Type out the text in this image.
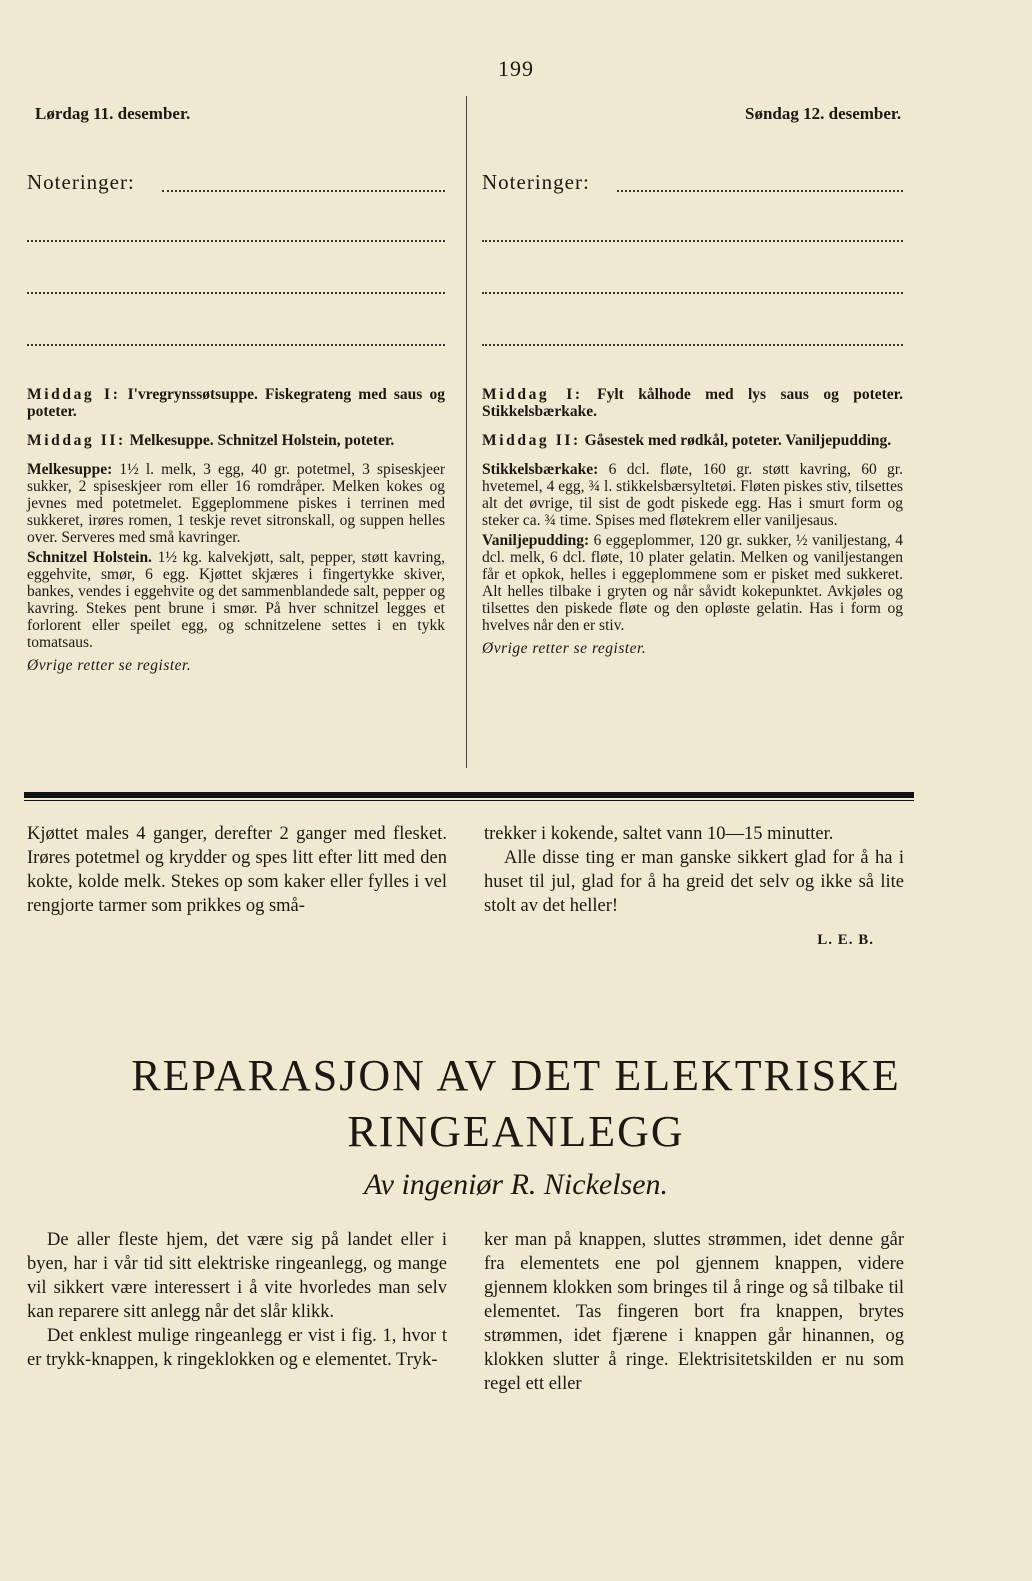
199
Lørdag 11. desember.
Noteringer:

Middag I: I'vregrynssøtsuppe. Fiskegrateng med saus og poteter.

Middag II: Melkesuppe. Schnitzel Holstein, poteter.

Melkesuppe: 1½ l. melk, 3 egg, 40 gr. potetmel, 3 spiseskjeer sukker, 2 spiseskjeer rom eller 16 romdråper. Melken kokes og jevnes med potetmelet. Eggeplommene piskes i terrinen med sukkeret, irøres romen, 1 teskje revet sitronskall, og suppen helles over. Serveres med små kavringer.

Schnitzel Holstein. 1½ kg. kalvekjøtt, salt, pepper, støtt kavring, eggehvite, smør, 6 egg. Kjøttet skjæres i fingertykke skiver, bankes, vendes i eggehvite og det sammenblandede salt, pepper og kavring. Stekes pent brune i smør. På hver schnitzel legges et forlorent eller speilet egg, og schnitzelene settes i en tykk tomatsaus.

Øvrige retter se register.

Søndag 12. desember.
Noteringer:

Middag I: Fylt kålhode med lys saus og poteter. Stikkelsbærkake.

Middag II: Gåsestek med rødkål, poteter. Vaniljepudding.

Stikkelsbærkake: 6 dcl. fløte, 160 gr. støtt kavring, 60 gr. hvetemel, 4 egg, ¾ l. stikkelsbærsyltetøi. Fløten piskes stiv, tilsettes alt det øvrige, til sist de godt piskede egg. Has i smurt form og steker ca. ¾ time. Spises med fløtekrem eller vaniljesaus.

Vaniljepudding: 6 eggeplommer, 120 gr. sukker, ½ vaniljestang, 4 dcl. melk, 6 dcl. fløte, 10 plater gelatin. Melken og vaniljestangen får et opkok, helles i eggeplommene som er pisket med sukkeret. Alt helles tilbake i gryten og når såvidt kokepunktet. Avkjøles og tilsettes den piskede fløte og den opløste gelatin. Has i form og hvelves når den er stiv.

Øvrige retter se register.

Kjøttet males 4 ganger, derefter 2 ganger med flesket. Irøres potetmel og krydder og spes litt efter litt med den kokte, kolde melk. Stekes op som kaker eller fylles i vel rengjorte tarmer som prikkes og små-

trekker i kokende, saltet vann 10—15 minutter.

Alle disse ting er man ganske sikkert glad for å ha i huset til jul, glad for å ha greid det selv og ikke så lite stolt av det heller!

L. E. B.

REPARASJON AV DET ELEKTRISKE
RINGEANLEGG
Av ingeniør R. Nickelsen.

De aller fleste hjem, det være sig på landet eller i byen, har i vår tid sitt elektriske ringeanlegg, og mange vil sikkert være interessert i å vite hvorledes man selv kan reparere sitt anlegg når det slår klikk.

Det enklest mulige ringeanlegg er vist i fig. 1, hvor t er trykk-knappen, k ringeklokken og e elementet. Tryk-

ker man på knappen, sluttes strømmen, idet denne går fra elementets ene pol gjennem knappen, videre gjennem klokken som bringes til å ringe og så tilbake til elementet. Tas fingeren bort fra knappen, brytes strømmen, idet fjærene i knappen går hinannen, og klokken slutter å ringe. Elektrisitetskilden er nu som regel ett eller
